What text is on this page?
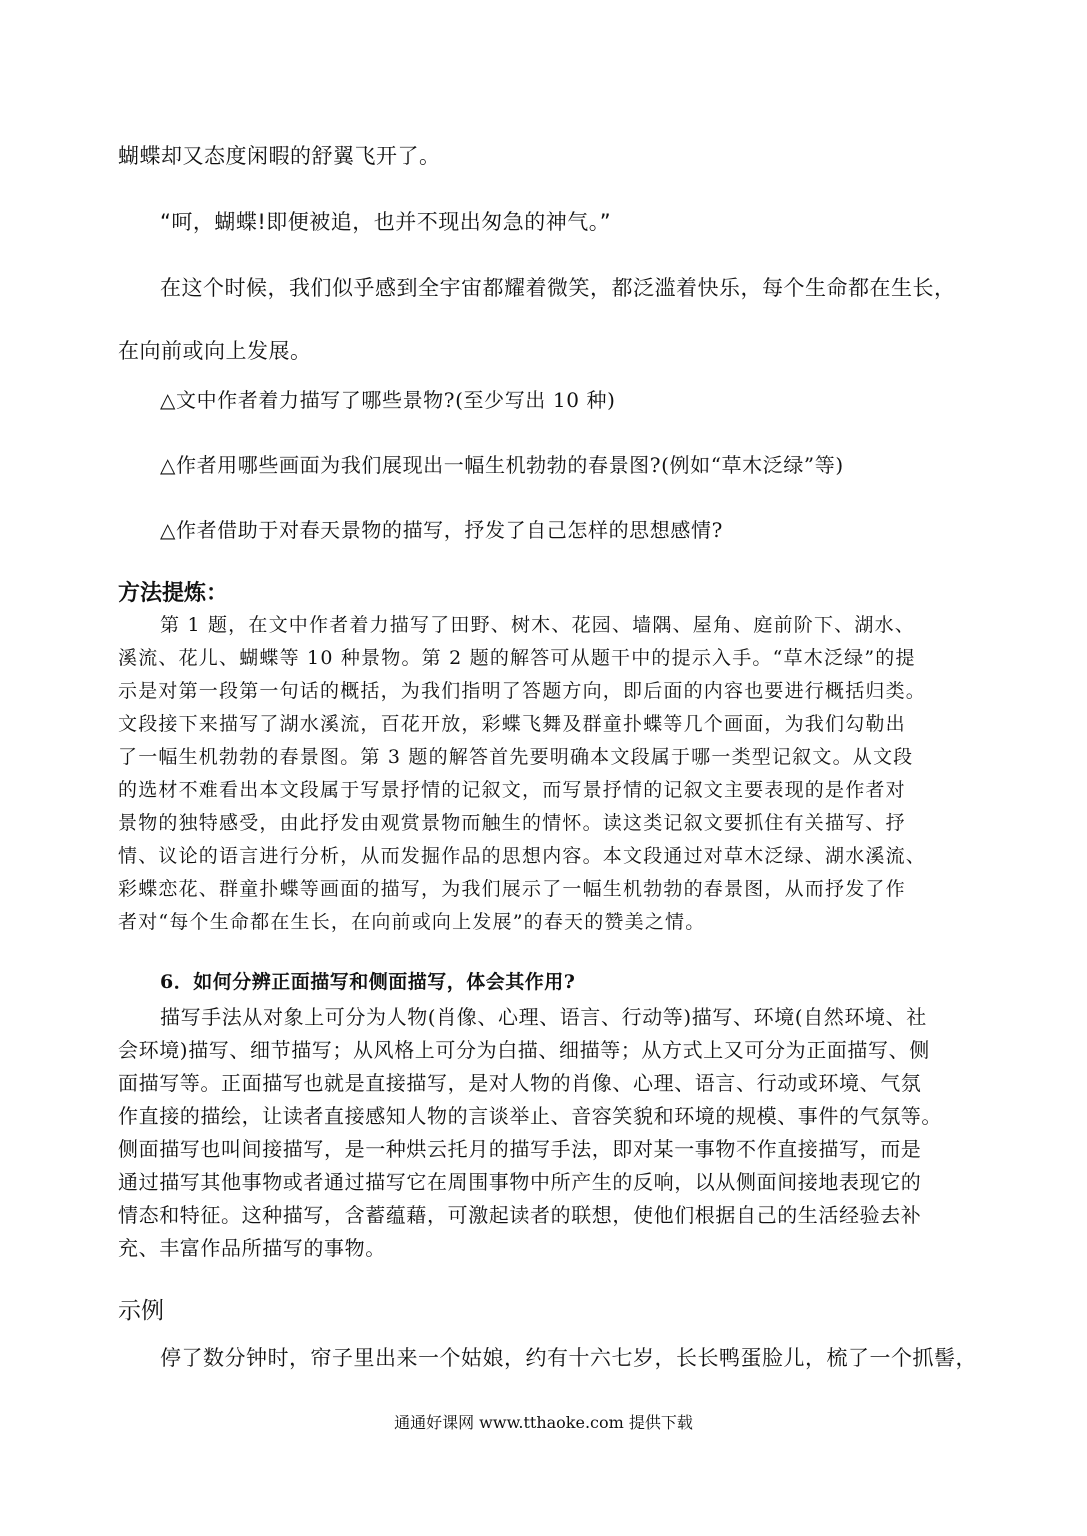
蝴蝶却又态度闲暇的舒翼飞开了。
“呵，蝴蝶!即便被追，也并不现出匆急的神气。”
在这个时候，我们似乎感到全宇宙都耀着微笑，都泛滥着快乐，每个生命都在生长，
在向前或向上发展。
△文中作者着力描写了哪些景物?(至少写出 10 种)
△作者用哪些画面为我们展现出一幅生机勃勃的春景图?(例如“草木泛绿”等)
△作者借助于对春天景物的描写，抒发了自己怎样的思想感情?
方法提炼：
第 1 题，在文中作者着力描写了田野、树木、花园、墙隅、屋角、庭前阶下、湖水、
溪流、花儿、蝴蝶等 10 种景物。第 2 题的解答可从题干中的提示入手。“草木泛绿”的提
示是对第一段第一句话的概括，为我们指明了答题方向，即后面的内容也要进行概括归类。
文段接下来描写了湖水溪流，百花开放，彩蝶飞舞及群童扑蝶等几个画面，为我们勾勒出
了一幅生机勃勃的春景图。第 3 题的解答首先要明确本文段属于哪一类型记叙文。从文段
的选材不难看出本文段属于写景抒情的记叙文，而写景抒情的记叙文主要表现的是作者对
景物的独特感受，由此抒发由观赏景物而触生的情怀。读这类记叙文要抓住有关描写、抒
情、议论的语言进行分析，从而发掘作品的思想内容。本文段通过对草木泛绿、湖水溪流、
彩蝶恋花、群童扑蝶等画面的描写，为我们展示了一幅生机勃勃的春景图，从而抒发了作
者对“每个生命都在生长，在向前或向上发展”的春天的赞美之情。
6．如何分辨正面描写和侧面描写，体会其作用?
描写手法从对象上可分为人物(肖像、心理、语言、行动等)描写、环境(自然环境、社
会环境)描写、细节描写；从风格上可分为白描、细描等；从方式上又可分为正面描写、侧
面描写等。正面描写也就是直接描写，是对人物的肖像、心理、语言、行动或环境、气氛
作直接的描绘，让读者直接感知人物的言谈举止、音容笑貌和环境的规模、事件的气氛等。
侧面描写也叫间接描写，是一种烘云托月的描写手法，即对某一事物不作直接描写，而是
通过描写其他事物或者通过描写它在周围事物中所产生的反响，以从侧面间接地表现它的
情态和特征。这种描写，含蓄蕴藉，可激起读者的联想，使他们根据自己的生活经验去补
充、丰富作品所描写的事物。
示例
停了数分钟时，帘子里出来一个姑娘，约有十六七岁，长长鸭蛋脸儿，梳了一个抓髻，
通通好课网 www.tthaoke.com 提供下载
